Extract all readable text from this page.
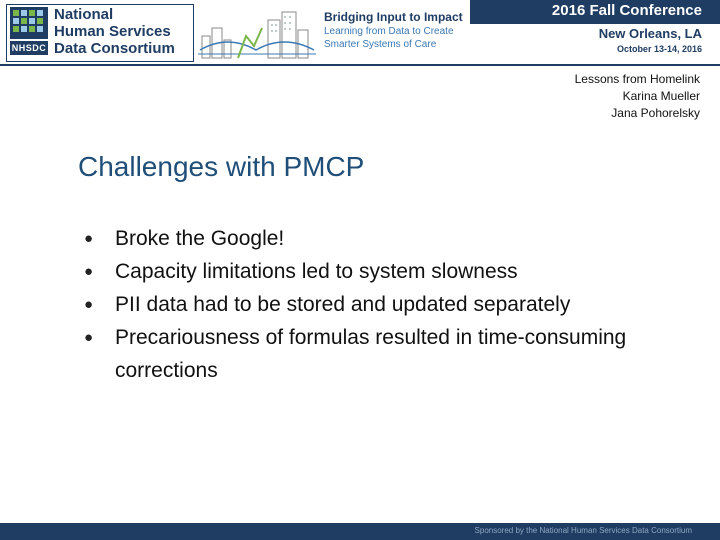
NHSDC
National
Human Services
Data Consortium
Bridging Input to Impact
Learning from Data to Create
Smarter Systems of Care
2016 Fall Conference
New Orleans, LA
October 13-14, 2016
Lessons from Homelink
Karina Mueller
Jana Pohorelsky
Challenges with PMCP
● Broke the Google!
● Capacity limitations led to system slowness
● PII data had to be stored and updated separately
● Precariousness of formulas resulted in time-consuming corrections
Sponsored by the National Human Services Data Consortium
